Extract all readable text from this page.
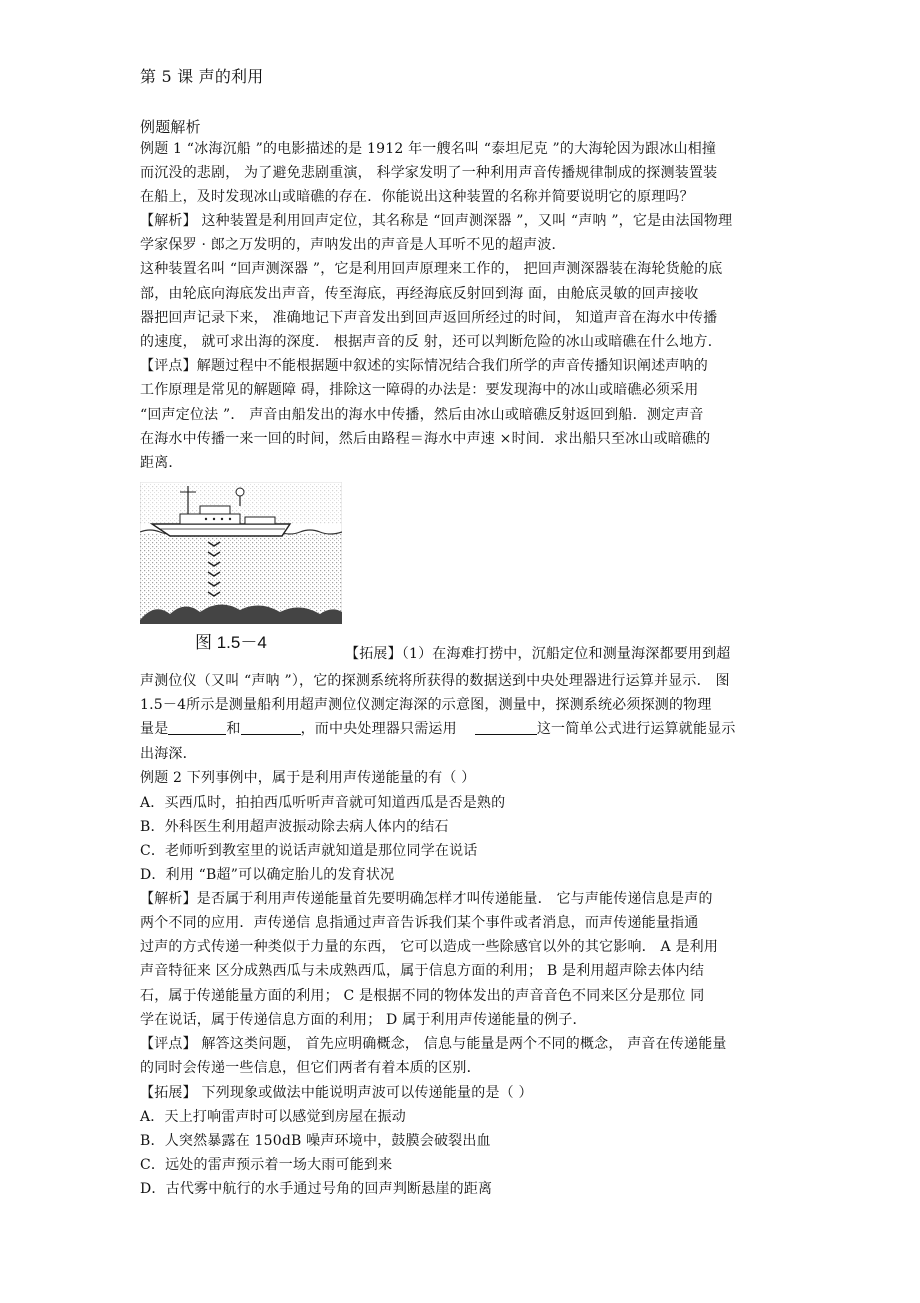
第 5 课 声的利用
例题解析
例题 1 “冰海沉船 ”的电影描述的是 1912 年一艘名叫 “泰坦尼克 ”的大海轮因为跟冰山相撞
而沉没的悲剧， 为了避免悲剧重演， 科学家发明了一种利用声音传播规律制成的探测装置装
在船上，及时发现冰山或暗礁的存在．你能说出这种装置的名称并简要说明它的原理吗？
【解析】 这种装置是利用回声定位，其名称是 “回声测深器 ”，又叫 “声呐 ”，它是由法国物理
学家保罗 · 郎之万发明的，声呐发出的声音是人耳听不见的超声波．
这种装置名叫 “回声测深器 ”，它是利用回声原理来工作的， 把回声测深器装在海轮货舱的底
部，由轮底向海底发出声音，传至海底，再经海底反射回到海 面，由舱底灵敏的回声接收
器把回声记录下来， 准确地记下声音发出到回声返回所经过的时间， 知道声音在海水中传播
的速度， 就可求出海的深度． 根据声音的反 射，还可以判断危险的冰山或暗礁在什么地方．
【评点】解题过程中不能根据题中叙述的实际情况结合我们所学的声音传播知识阐述声呐的
工作原理是常见的解题障 碍，排除这一障碍的办法是：要发现海中的冰山或暗礁必须采用
“回声定位法 ”． 声音由船发出的海水中传播，然后由冰山或暗礁反射返回到船．测定声音
在海水中传播一来一回的时间，然后由路程＝海水中声速 ×时间．求出船只至冰山或暗礁的
距离．
图 1.5－4
【拓展】（1）在海难打捞中，沉船定位和测量海深都要用到超
声测位仪（又叫 “声呐 ”），它的探测系统将所获得的数据送到中央处理器进行运算并显示． 图
1.5－4所示是测量船利用超声测位仪测定海深的示意图，测量中，探测系统必须探测的物理
量是	和	，而中央处理器只需运用	这一简单公式进行运算就能显示
出海深．
例题 2 下列事例中，属于是利用声传递能量的有（ ）
A．买西瓜时，拍拍西瓜听听声音就可知道西瓜是否是熟的
B．外科医生利用超声波振动除去病人体内的结石
C．老师听到教室里的说话声就知道是那位同学在说话
D．利用 “B超”可以确定胎儿的发育状况
【解析】是否属于利用声传递能量首先要明确怎样才叫传递能量． 它与声能传递信息是声的
两个不同的应用．声传递信 息指通过声音告诉我们某个事件或者消息，而声传递能量指通
过声的方式传递一种类似于力量的东西， 它可以造成一些除感官以外的其它影响． A 是利用
声音特征来 区分成熟西瓜与未成熟西瓜，属于信息方面的利用； B 是利用超声除去体内结
石，属于传递能量方面的利用； C 是根据不同的物体发出的声音音色不同来区分是那位 同
学在说话，属于传递信息方面的利用； D 属于利用声传递能量的例子．
【评点】 解答这类问题， 首先应明确概念， 信息与能量是两个不同的概念， 声音在传递能量
的同时会传递一些信息，但它们两者有着本质的区别．
【拓展】 下列现象或做法中能说明声波可以传递能量的是（ ）
A．天上打响雷声时可以感觉到房屋在振动
B．人突然暴露在 150dB 噪声环境中，鼓膜会破裂出血
C．远处的雷声预示着一场大雨可能到来
D．古代雾中航行的水手通过号角的回声判断悬崖的距离
